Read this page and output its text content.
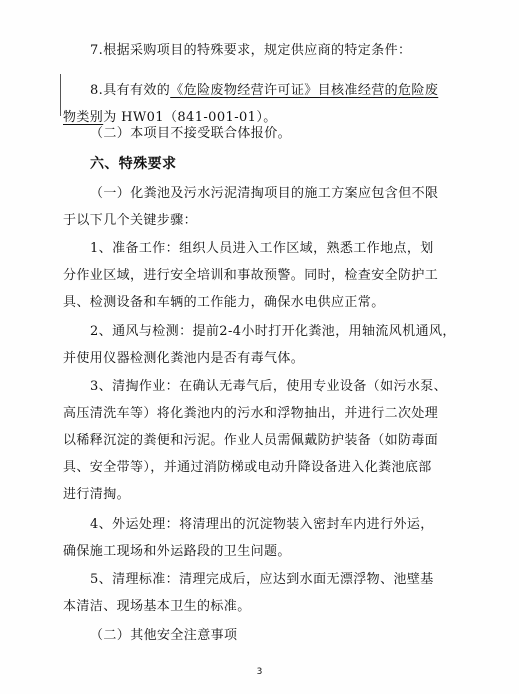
7.根据采购项目的特殊要求，规定供应商的特定条件：
8.具有有效的《危险废物经营许可证》目核准经营的危险废
物类别为 HW01（841-001-01）。
（二）本项目不接受联合体报价。
六、特殊要求
（一）化粪池及污水污泥清掏项目的施工方案应包含但不限
于以下几个关键步骤：
1、准备工作：组织人员进入工作区域，熟悉工作地点，划
分作业区域，进行安全培训和事故预警。同时，检查安全防护工
具、检测设备和车辆的工作能力，确保水电供应正常。
2、通风与检测：提前2-4小时打开化粪池，用轴流风机通风，
并使用仪器检测化粪池内是否有毒气体。
3、清掏作业：在确认无毒气后，使用专业设备（如污水泵、
高压清洗车等）将化粪池内的污水和浮物抽出，并进行二次处理
以稀释沉淀的粪便和污泥。作业人员需佩戴防护装备（如防毒面
具、安全带等），并通过消防梯或电动升降设备进入化粪池底部
进行清掏。
4、外运处理：将清理出的沉淀物装入密封车内进行外运，
确保施工现场和外运路段的卫生问题。
5、清理标准：清理完成后，应达到水面无漂浮物、池壁基
本清洁、现场基本卫生的标准。
（二）其他安全注意事项
3
